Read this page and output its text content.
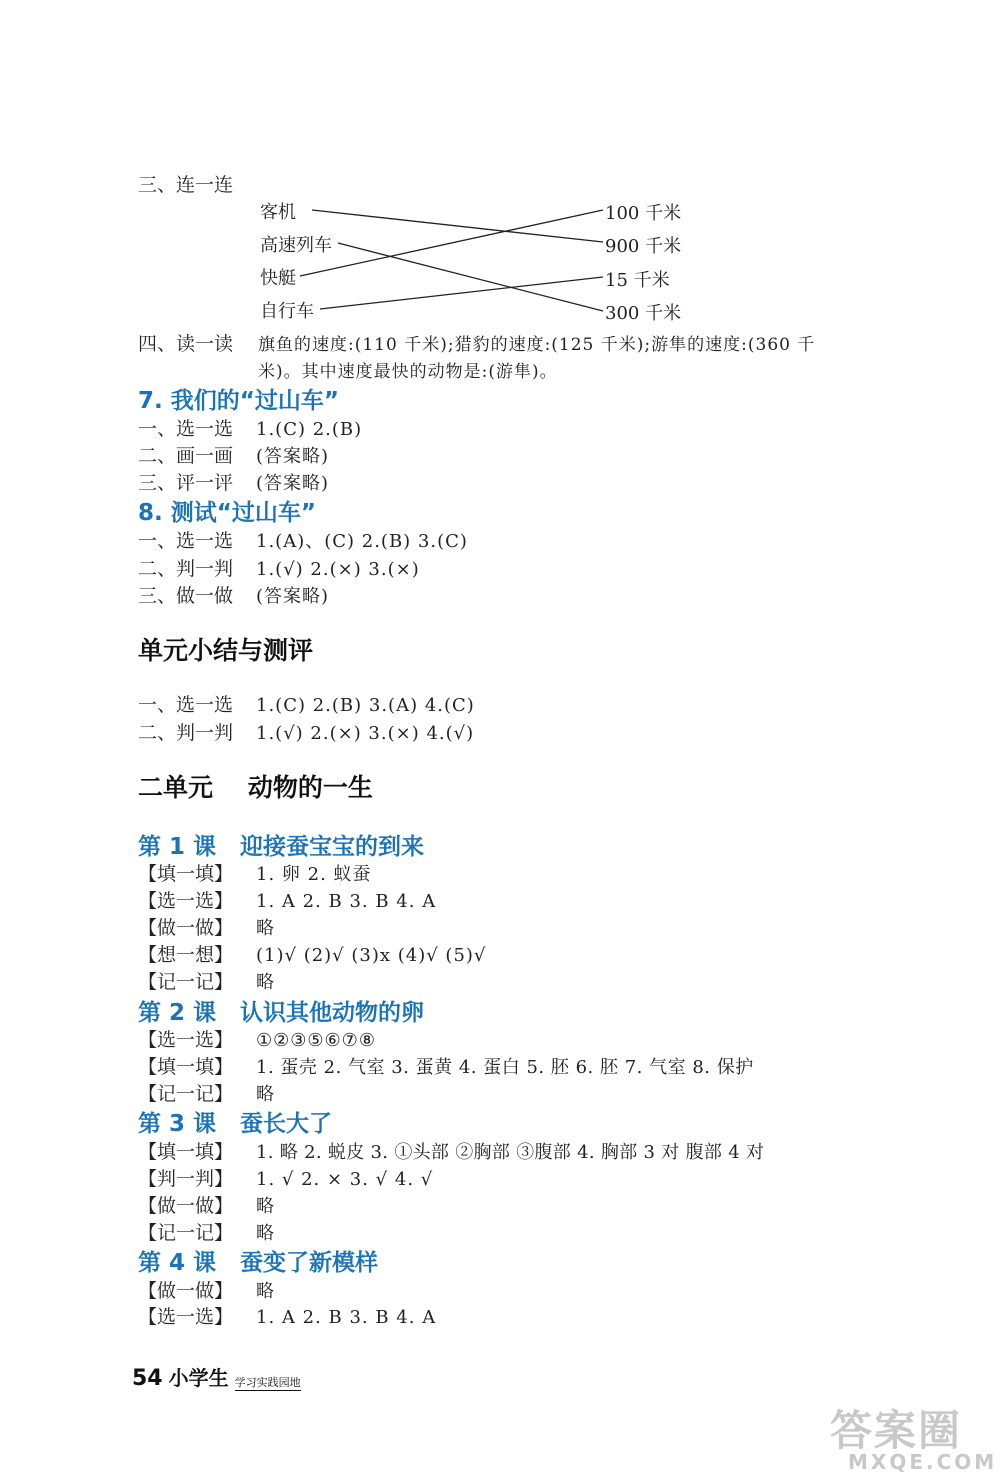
三、连一连
客机
高速列车
快艇
自行车
100 千米
900 千米
15 千米
300 千米
四、读一读 旗鱼的速度:(110 千米);猎豹的速度:(125 千米);游隼的速度:(360 千
米)。其中速度最快的动物是:(游隼)。
7. 我们的“过山车”
一、选一选	1.(C) 2.(B)
二、画一画	(答案略)
三、评一评	(答案略)
8. 测试“过山车”
一、选一选	1.(A)、(C) 2.(B) 3.(C)
二、判一判	1.(√) 2.(×) 3.(×)
三、做一做	(答案略)
单元小结与测评
一、选一选	1.(C) 2.(B) 3.(A) 4.(C)
二、判一判	1.(√) 2.(×) 3.(×) 4.(√)
二单元    动物的一生
第 1 课   迎接蚕宝宝的到来
【填一填】	1. 卵 2. 蚁蚕
【选一选】	1. A 2. B 3. B 4. A
【做一做】	略
【想一想】	(1)√ (2)√ (3)x (4)√ (5)√
【记一记】	略
第 2 课   认识其他动物的卵
【选一选】	①②③⑤⑥⑦⑧
【填一填】	1. 蛋壳 2. 气室 3. 蛋黄 4. 蛋白 5. 胚 6. 胚 7. 气室 8. 保护
【记一记】	略
第 3 课   蚕长大了
【填一填】	1. 略 2. 蜕皮 3. ①头部 ②胸部 ③腹部 4. 胸部 3 对 腹部 4 对
【判一判】	1. √ 2. × 3. √ 4. √
【做一做】	略
【记一记】	略
第 4 课   蚕变了新模样
【做一做】	略
【选一选】	1. A 2. B 3. B 4. A
54 小学生 学习实践园地
答案圈
MXQE.COM
